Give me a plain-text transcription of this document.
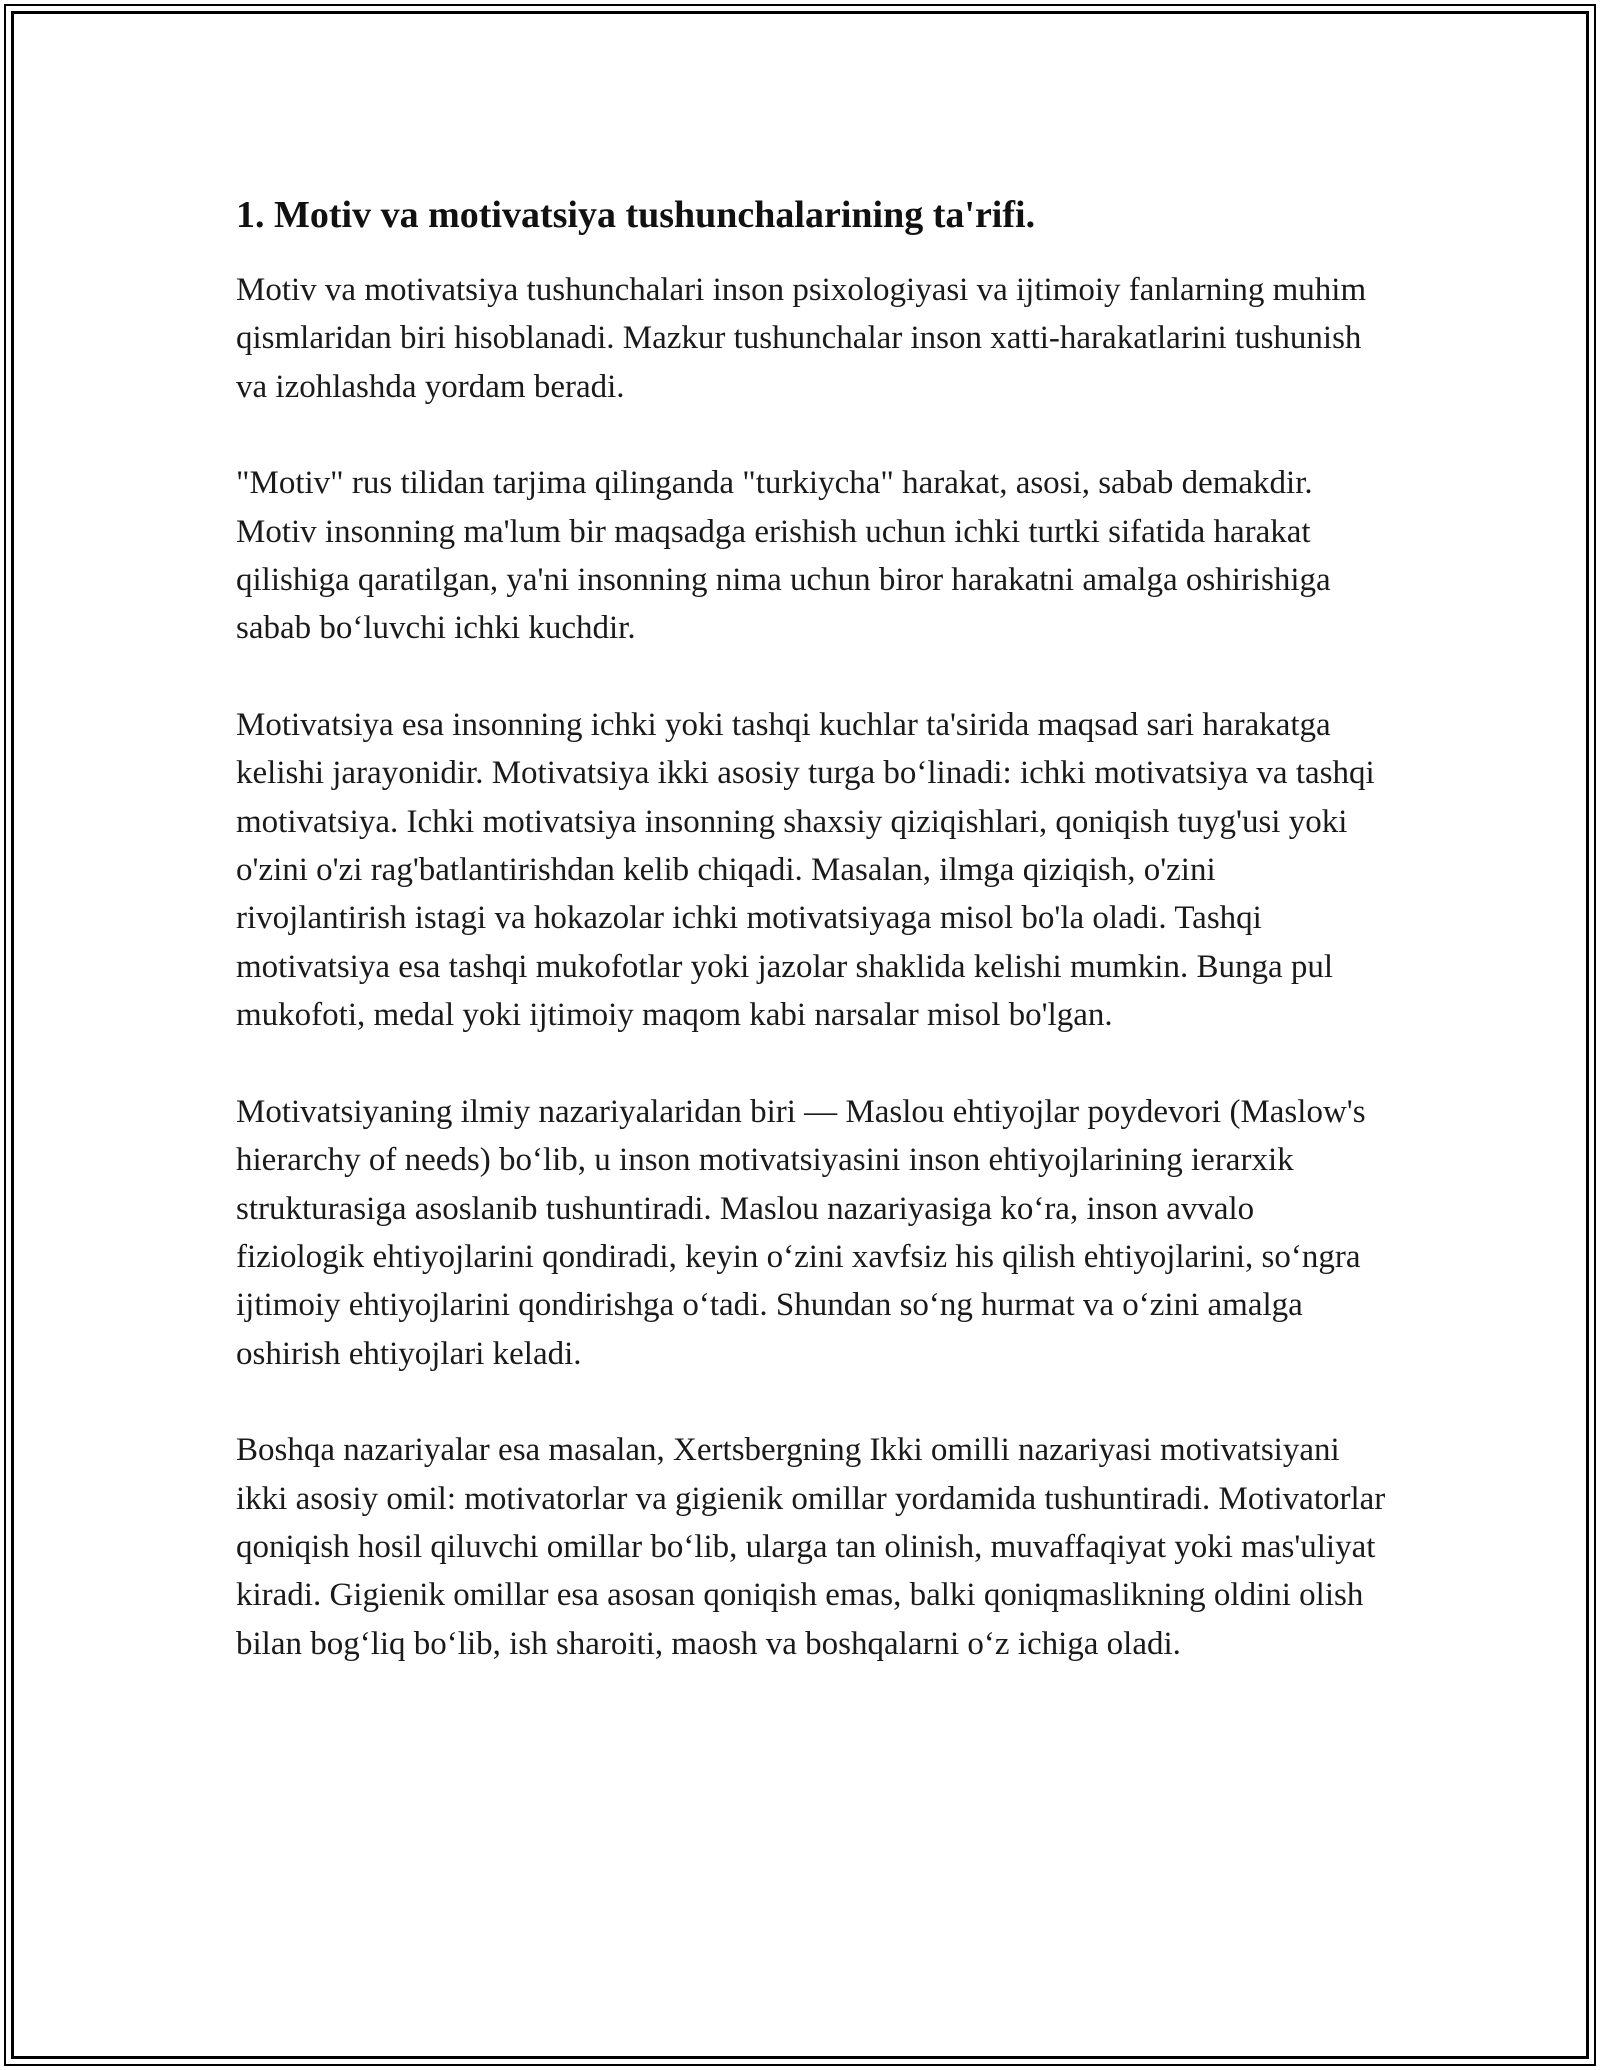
1. Motiv va motivatsiya tushunchalarining ta'rifi.

Motiv va motivatsiya tushunchalari inson psixologiyasi va ijtimoiy fanlarning muhim qismlaridan biri hisoblanadi. Mazkur tushunchalar inson xatti-harakatlarini tushunish va izohlashda yordam beradi.

"Motiv" rus tilidan tarjima qilinganda "turkiycha" harakat, asosi, sabab demakdir. Motiv insonning ma'lum bir maqsadga erishish uchun ichki turtki sifatida harakat qilishiga qaratilgan, ya'ni insonning nima uchun biror harakatni amalga oshirishiga sabab bo‘luvchi ichki kuchdir.

Motivatsiya esa insonning ichki yoki tashqi kuchlar ta'sirida maqsad sari harakatga kelishi jarayonidir. Motivatsiya ikki asosiy turga bo‘linadi: ichki motivatsiya va tashqi motivatsiya. Ichki motivatsiya insonning shaxsiy qiziqishlari, qoniqish tuyg'usi yoki o'zini o'zi rag'batlantirishdan kelib chiqadi. Masalan, ilmga qiziqish, o'zini rivojlantirish istagi va hokazolar ichki motivatsiyaga misol bo'la oladi. Tashqi motivatsiya esa tashqi mukofotlar yoki jazolar shaklida kelishi mumkin. Bunga pul mukofoti, medal yoki ijtimoiy maqom kabi narsalar misol bo'lgan.

Motivatsiyaning ilmiy nazariyalaridan biri — Maslou ehtiyojlar poydevori (Maslow's hierarchy of needs) bo‘lib, u inson motivatsiyasini inson ehtiyojlarining ierarxik strukturasiga asoslanib tushuntiradi. Maslou nazariyasiga ko‘ra, inson avvalo fiziologik ehtiyojlarini qondiradi, keyin o‘zini xavfsiz his qilish ehtiyojlarini, so‘ngra ijtimoiy ehtiyojlarini qondirishga o‘tadi. Shundan so‘ng hurmat va o‘zini amalga oshirish ehtiyojlari keladi.

Boshqa nazariyalar esa masalan, Xertsbergning Ikki omilli nazariyasi motivatsiyani ikki asosiy omil: motivatorlar va gigienik omillar yordamida tushuntiradi. Motivatorlar qoniqish hosil qiluvchi omillar bo‘lib, ularga tan olinish, muvaffaqiyat yoki mas'uliyat kiradi. Gigienik omillar esa asosan qoniqish emas, balki qoniqmaslikning oldini olish bilan bog‘liq bo‘lib, ish sharoiti, maosh va boshqalarni o‘z ichiga oladi.
